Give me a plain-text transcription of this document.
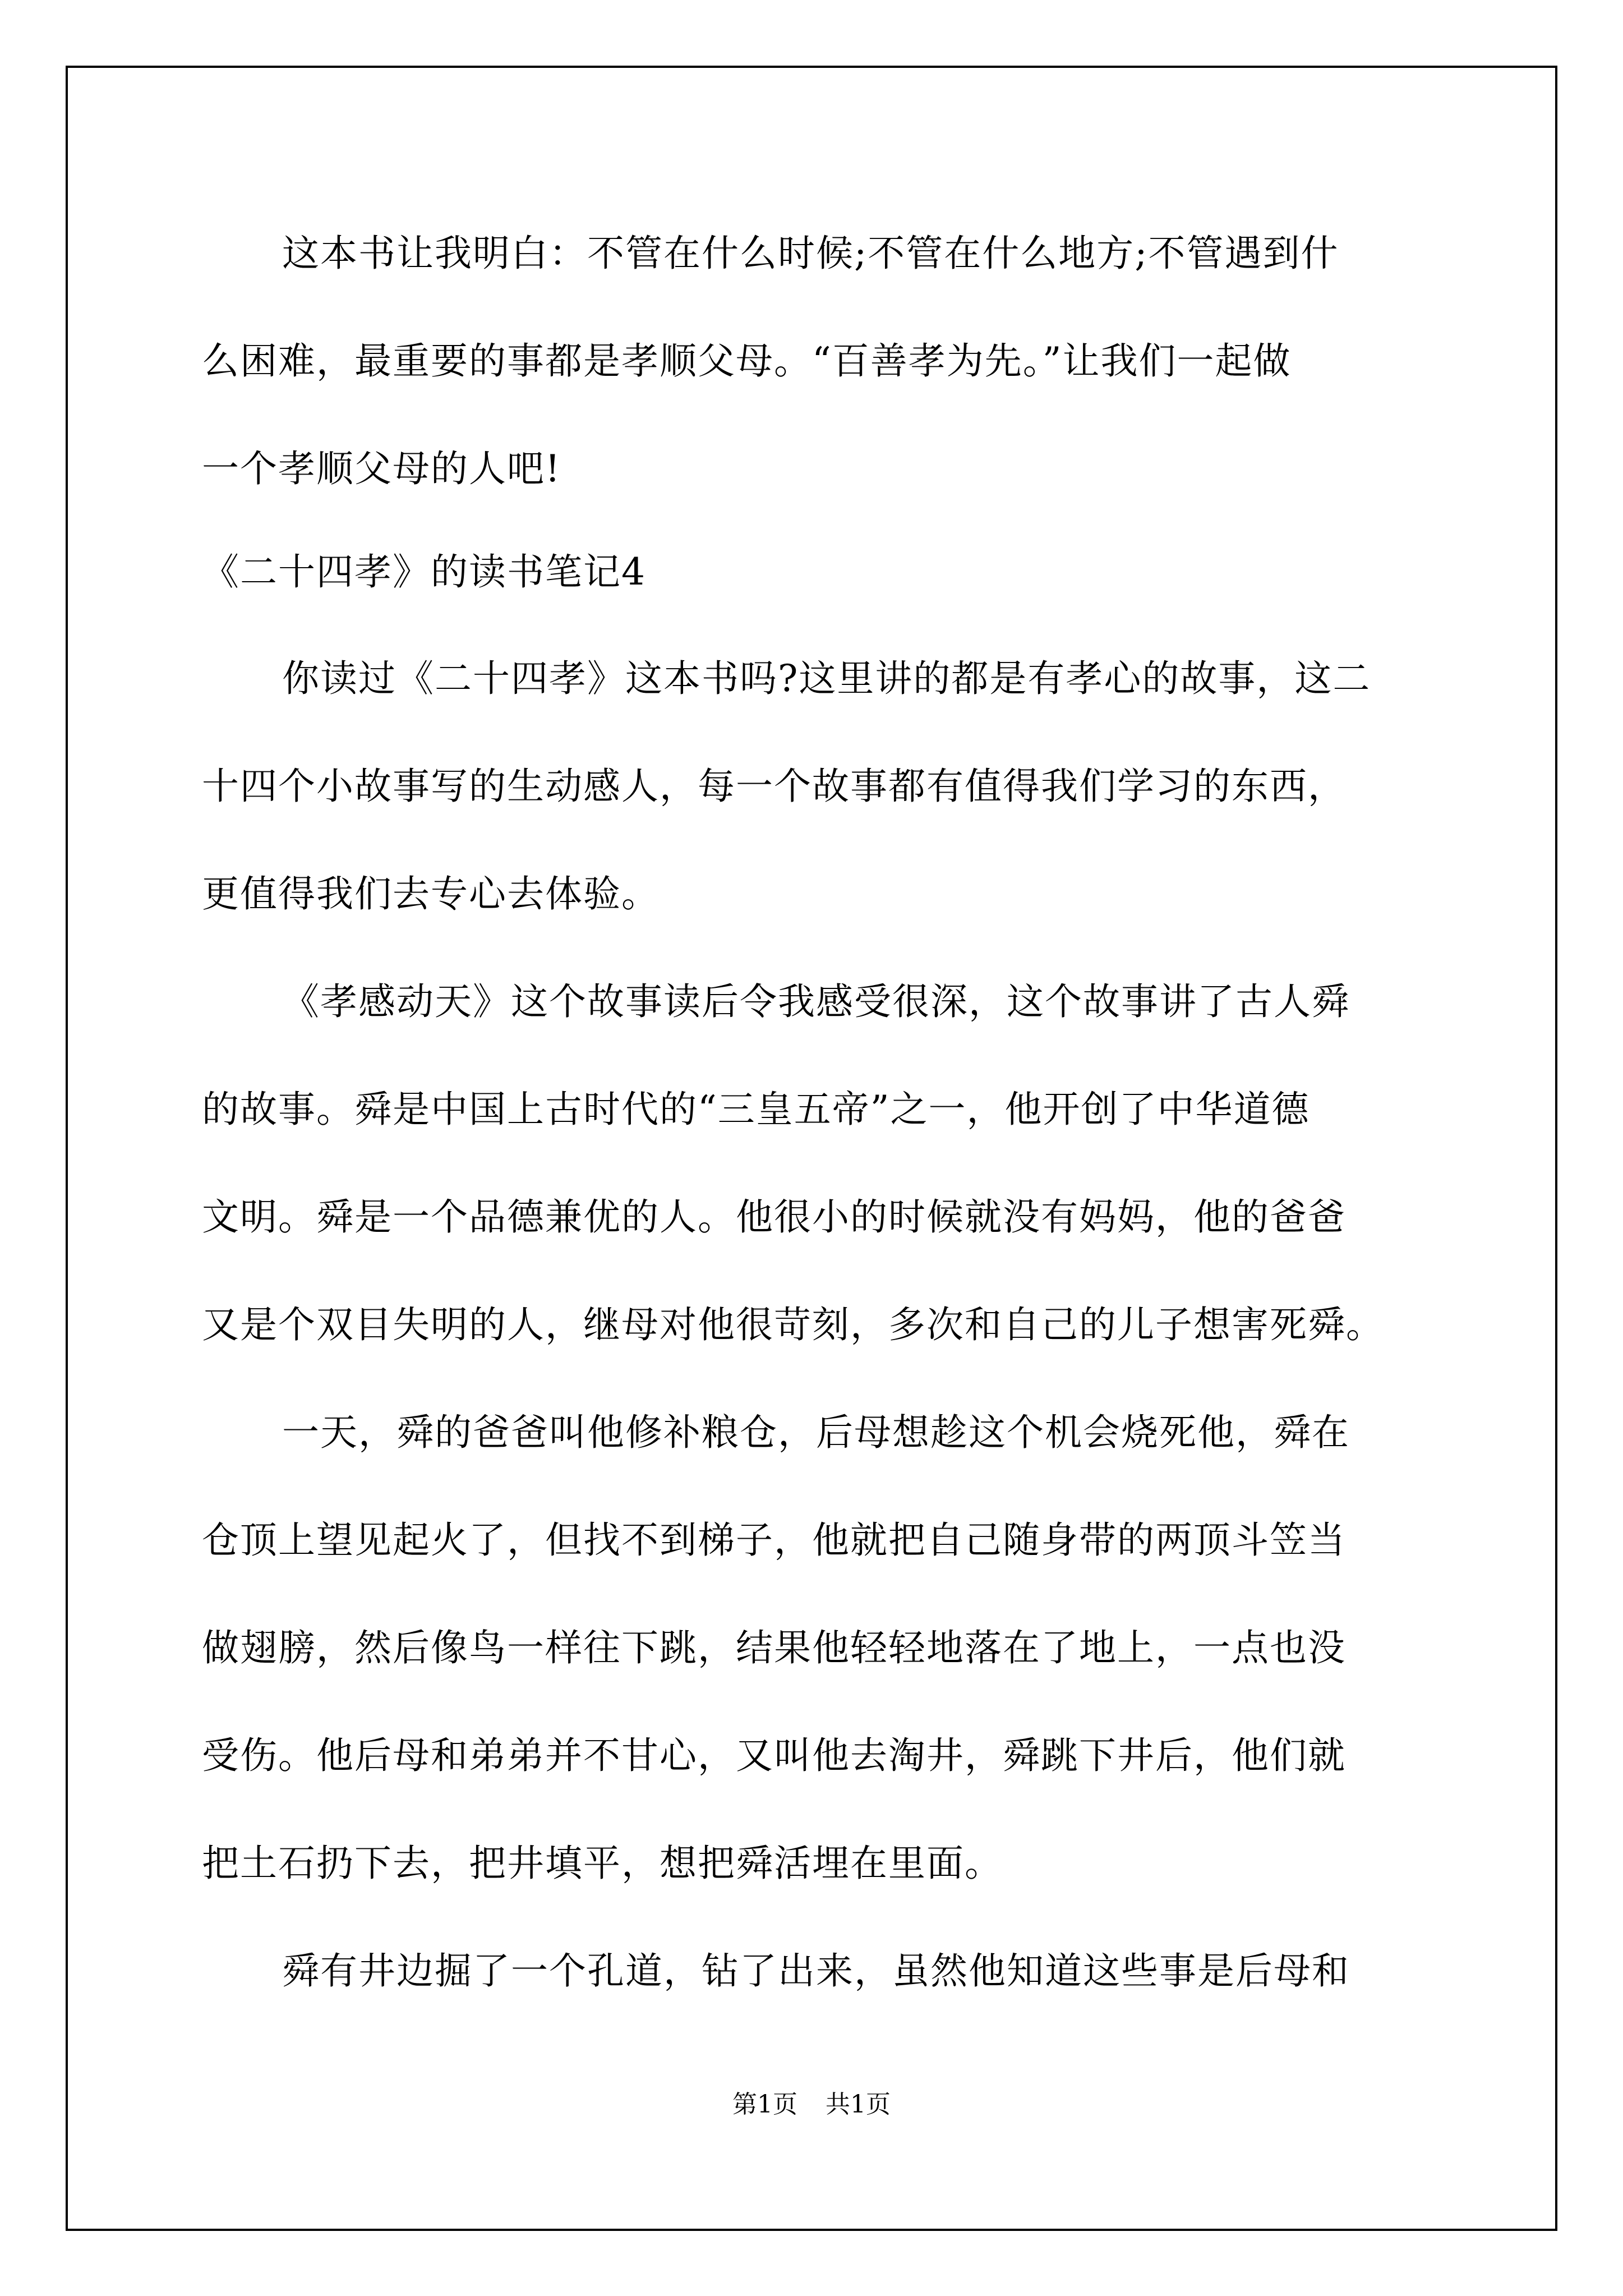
这本书让我明白：不管在什么时候;不管在什么地方;不管遇到什
么困难，最重要的事都是孝顺父母。“百善孝为先。”让我们一起做
一个孝顺父母的人吧!
《二十四孝》的读书笔记4
你读过《二十四孝》这本书吗?这里讲的都是有孝心的故事，这二
十四个小故事写的生动感人，每一个故事都有值得我们学习的东西，
更值得我们去专心去体验。
《孝感动天》这个故事读后令我感受很深，这个故事讲了古人舜
的故事。舜是中国上古时代的“三皇五帝”之一，他开创了中华道德
文明。舜是一个品德兼优的人。他很小的时候就没有妈妈，他的爸爸
又是个双目失明的人，继母对他很苛刻，多次和自己的儿子想害死舜。
一天，舜的爸爸叫他修补粮仓，后母想趁这个机会烧死他，舜在
仓顶上望见起火了，但找不到梯子，他就把自己随身带的两顶斗笠当
做翅膀，然后像鸟一样往下跳，结果他轻轻地落在了地上，一点也没
受伤。他后母和弟弟并不甘心，又叫他去淘井，舜跳下井后，他们就
把土石扔下去，把井填平，想把舜活埋在里面。
舜有井边掘了一个孔道，钻了出来，虽然他知道这些事是后母和
第1页 共1页
